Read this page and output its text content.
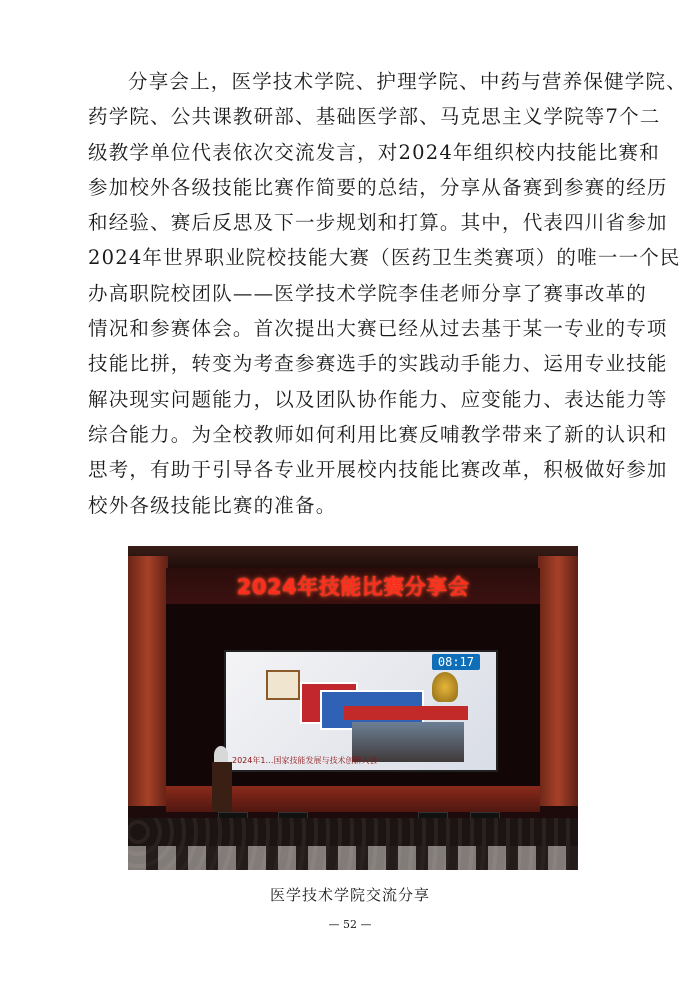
分享会上，医学技术学院、护理学院、中药与营养保健学院、
药学院、公共课教研部、基础医学部、马克思主义学院等7个二
级教学单位代表依次交流发言，对2024年组织校内技能比赛和
参加校外各级技能比赛作简要的总结，分享从备赛到参赛的经历
和经验、赛后反思及下一步规划和打算。其中，代表四川省参加
2024年世界职业院校技能大赛（医药卫生类赛项）的唯一一个民
办高职院校团队——医学技术学院李佳老师分享了赛事改革的
情况和参赛体会。首次提出大赛已经从过去基于某一专业的专项
技能比拼，转变为考查参赛选手的实践动手能力、运用专业技能
解决现实问题能力，以及团队协作能力、应变能力、表达能力等
综合能力。为全校教师如何利用比赛反哺教学带来了新的认识和
思考，有助于引导各专业开展校内技能比赛改革，积极做好参加
校外各级技能比赛的准备。
2024年技能比赛分享会
08:17
2024年1…国家技能发展与技术创新大会

医学技术学院交流分享

— 52 —
